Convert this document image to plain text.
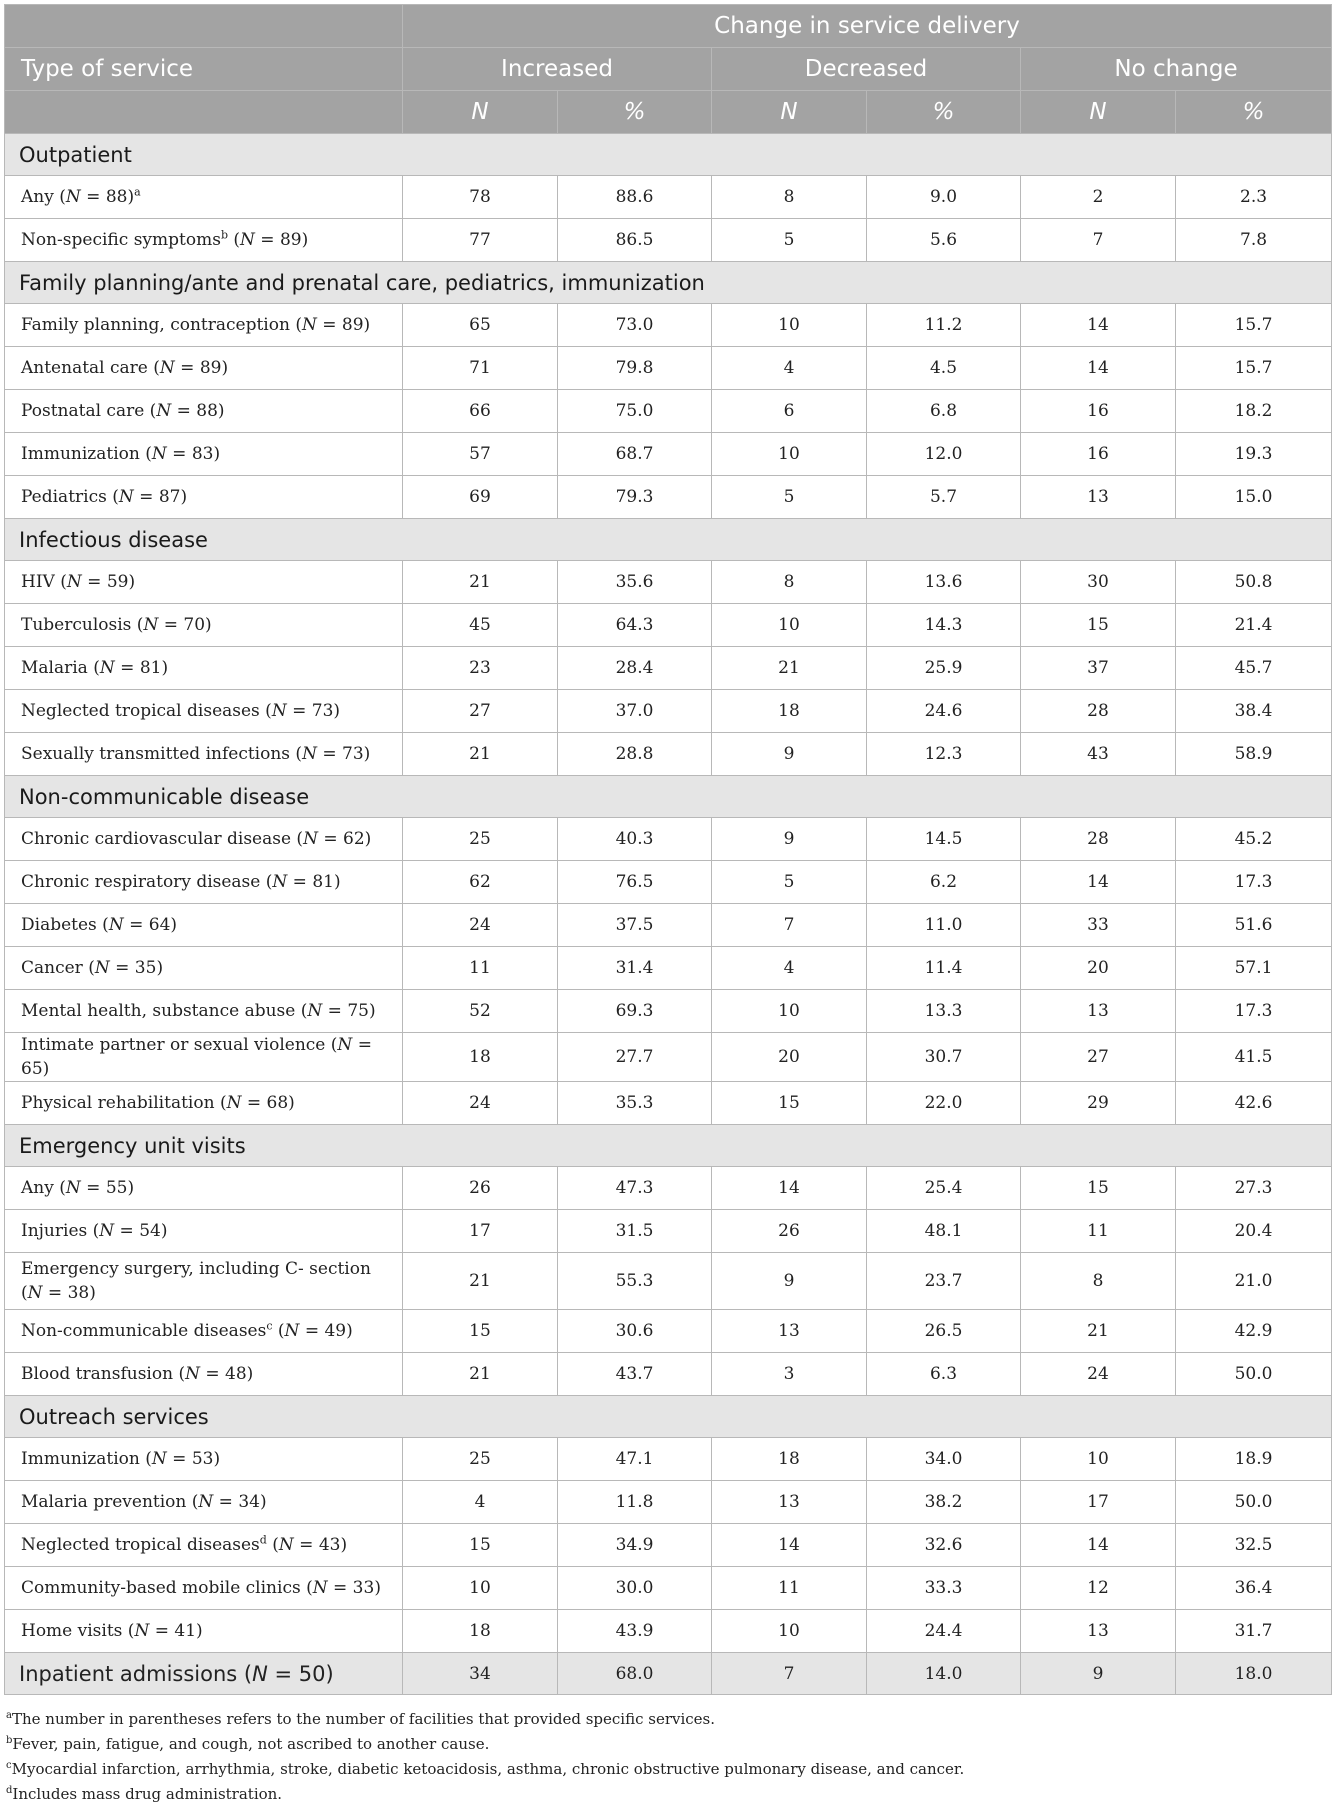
	Change in service delivery					
Type of service	Increased		Decreased		No change	
	N	%	N	%	N	%
Outpatient						
Any (N = 88)$^a$	78	88.6	8	9.0	2	2.3
Non-specific symptoms$^b$ (N = 89)	77	86.5	5	5.6	7	7.8
Family planning/ante and prenatal care, pediatrics, immunization						
Family planning, contraception (N = 89)	65	73.0	10	11.2	14	15.7
Antenatal care (N = 89)	71	79.8	4	4.5	14	15.7
Postnatal care (N = 88)	66	75.0	6	6.8	16	18.2
Immunization (N = 83)	57	68.7	10	12.0	16	19.3
Pediatrics (N = 87)	69	79.3	5	5.7	13	15.0
Infectious disease						
HIV (N = 59)	21	35.6	8	13.6	30	50.8
Tuberculosis (N = 70)	45	64.3	10	14.3	15	21.4
Malaria (N = 81)	23	28.4	21	25.9	37	45.7
Neglected tropical diseases (N = 73)	27	37.0	18	24.6	28	38.4
Sexually transmitted infections (N = 73)	21	28.8	9	12.3	43	58.9
Non-communicable disease						
Chronic cardiovascular disease (N = 62)	25	40.3	9	14.5	28	45.2
Chronic respiratory disease (N = 81)	62	76.5	5	6.2	14	17.3
Diabetes (N = 64)	24	37.5	7	11.0	33	51.6
Cancer (N = 35)	11	31.4	4	11.4	20	57.1
Mental health, substance abuse (N = 75)	52	69.3	10	13.3	13	17.3
Intimate partner or sexual violence (N = 65)	18	27.7	20	30.7	27	41.5
Physical rehabilitation (N = 68)	24	35.3	15	22.0	29	42.6
Emergency unit visits						
Any (N = 55)	26	47.3	14	25.4	15	27.3
Injuries (N = 54)	17	31.5	26	48.1	11	20.4
Emergency surgery, including C- section (N = 38)	21	55.3	9	23.7	8	21.0
Non-communicable diseases$^c$ (N = 49)	15	30.6	13	26.5	21	42.9
Blood transfusion (N = 48)	21	43.7	3	6.3	24	50.0
Outreach services						
Immunization (N = 53)	25	47.1	18	34.0	10	18.9
Malaria prevention (N = 34)	4	11.8	13	38.2	17	50.0
Neglected tropical diseases$^d$ (N = 43)	15	34.9	14	32.6	14	32.5
Community-based mobile clinics (N = 33)	10	30.0	11	33.3	12	36.4
Home visits (N = 41)	18	43.9	10	24.4	13	31.7
Inpatient admissions (N = 50)	34	68.0	7	14.0	9	18.0
$^a$The number in parentheses refers to the number of facilities that provided specific services.
$^b$Fever, pain, fatigue, and cough, not ascribed to another cause.
$^c$Myocardial infarction, arrhythmia, stroke, diabetic ketoacidosis, asthma, chronic obstructive pulmonary disease, and cancer.
$^d$Includes mass drug administration.
